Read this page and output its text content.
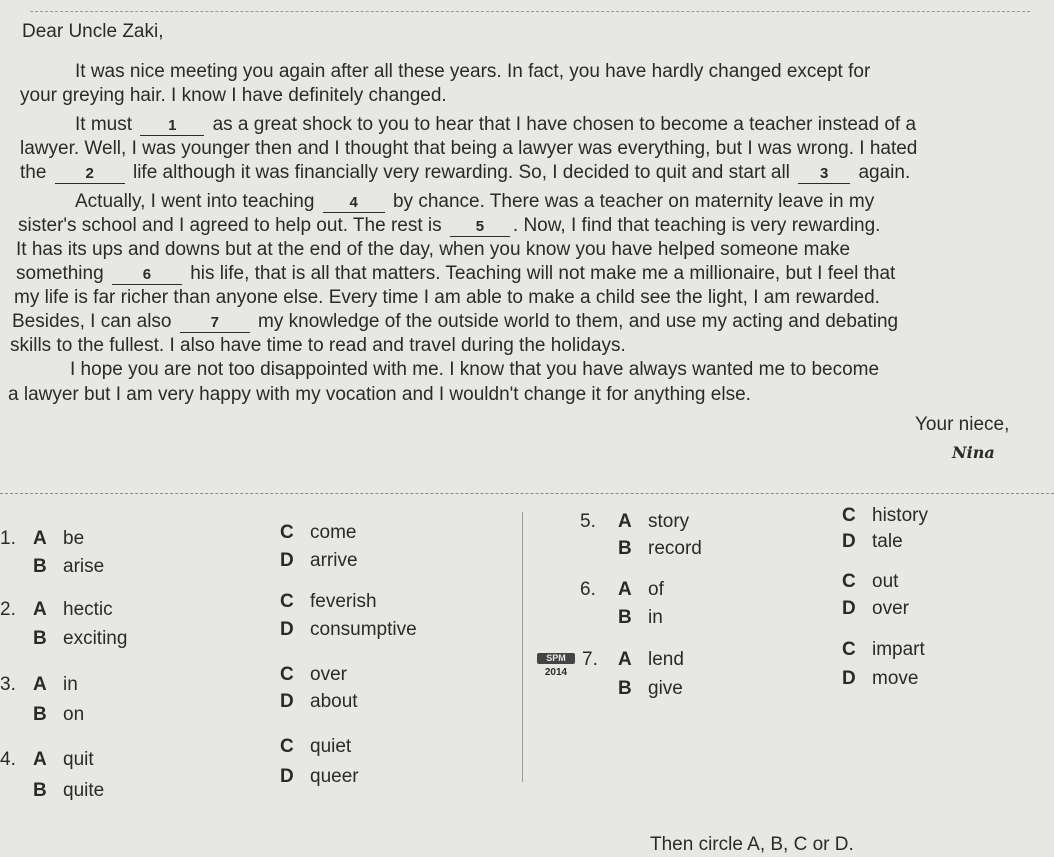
Dear Uncle Zaki,
It was nice meeting you again after all these years. In fact, you have hardly changed except for
your greying hair. I know I have definitely changed.
It must 1 as a great shock to you to hear that I have chosen to become a teacher instead of a
lawyer. Well, I was younger then and I thought that being a lawyer was everything, but I was wrong. I hated
the	2 life although it was financially very rewarding. So, I decided to quit and start all 3 again.
Actually, I went into teaching 4 by chance. There was a teacher on maternity leave in my
sister's school and I agreed to help out. The rest is 5 . Now, I find that teaching is very rewarding.
It has its ups and downs but at the end of the day, when you know you have helped someone make
something	6 his life, that is all that matters. Teaching will not make me a millionaire, but I feel that
my life is far richer than anyone else. Every time I am able to make a child see the light, I am rewarded.
Besides, I can also	7 my knowledge of the outside world to them, and use my acting and debating
skills to the fullest. I also have time to read and travel during the holidays.
I hope you are not too disappointed with me. I know that you have always wanted me to become
a lawyer but I am very happy with my vocation and I wouldn't change it for anything else.
Your niece,
Nina
1. A be
B arise
C come
D arrive
2. A hectic
B exciting
C feverish
D consumptive
3. A in
B on
C over
D about
4. A quit
B quite
C quiet
D queer
5. A story
B record
C history
D tale
6. A of
B in
C out
D over
SPM
2014
7. A lend
B give
C impart
D move
Then circle A, B, C or D.
